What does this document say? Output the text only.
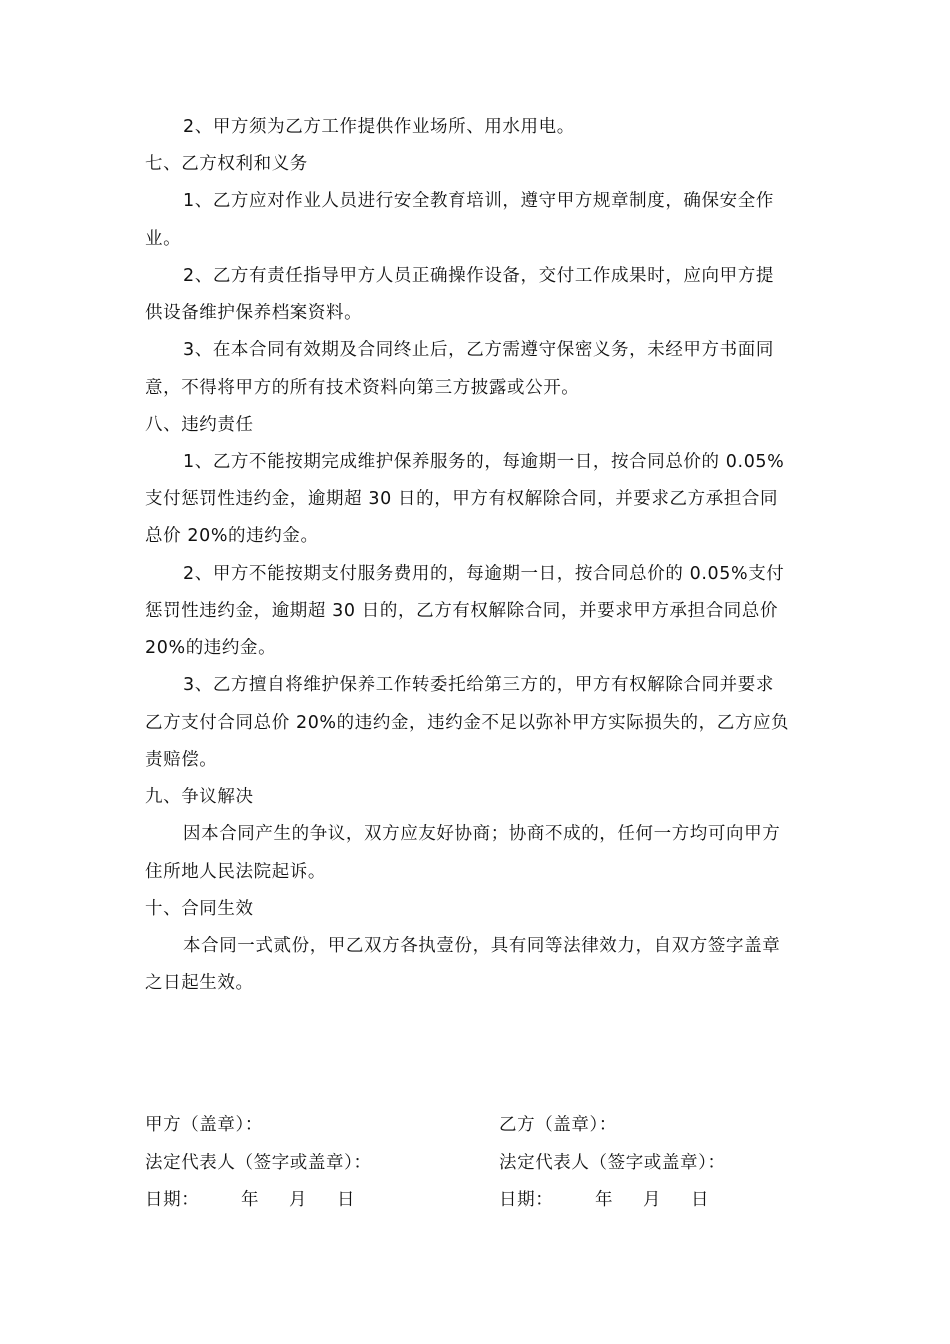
2、甲方须为乙方工作提供作业场所、用水用电。
七、乙方权利和义务
1、乙方应对作业人员进行安全教育培训，遵守甲方规章制度，确保安全作
业。
2、乙方有责任指导甲方人员正确操作设备，交付工作成果时，应向甲方提
供设备维护保养档案资料。
3、在本合同有效期及合同终止后，乙方需遵守保密义务，未经甲方书面同
意，不得将甲方的所有技术资料向第三方披露或公开。
八、违约责任
1、乙方不能按期完成维护保养服务的，每逾期一日，按合同总价的 0.05%
支付惩罚性违约金，逾期超 30 日的，甲方有权解除合同，并要求乙方承担合同
总价 20%的违约金。
2、甲方不能按期支付服务费用的，每逾期一日，按合同总价的 0.05%支付
惩罚性违约金，逾期超 30 日的，乙方有权解除合同，并要求甲方承担合同总价
20%的违约金。
3、乙方擅自将维护保养工作转委托给第三方的，甲方有权解除合同并要求
乙方支付合同总价 20%的违约金，违约金不足以弥补甲方实际损失的，乙方应负
责赔偿。
九、争议解决
因本合同产生的争议，双方应友好协商；协商不成的，任何一方均可向甲方
住所地人民法院起诉。
十、合同生效
本合同一式贰份，甲乙双方各执壹份，具有同等法律效力，自双方签字盖章
之日起生效。
甲方（盖章）：
法定代表人（签字或盖章）：
日期： 年 月 日
乙方（盖章）：
法定代表人（签字或盖章）：
日期： 年 月 日
